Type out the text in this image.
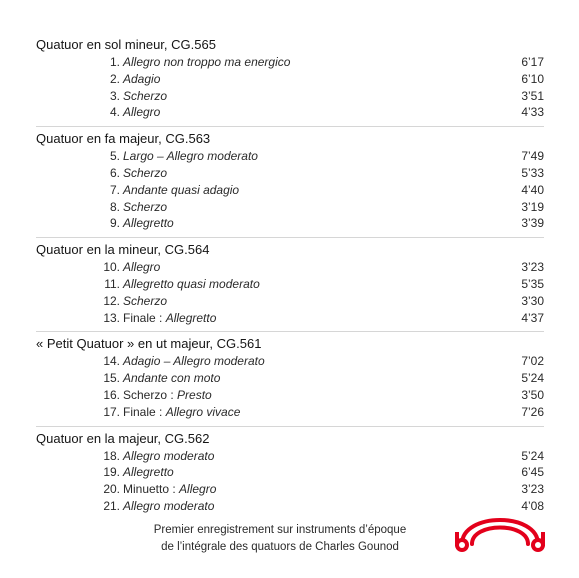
Quatuor en sol mineur, CG.565
1. Allegro non troppo ma energico	6’17
2. Adagio	6’10
3. Scherzo	3’51
4. Allegro	4’33
Quatuor en fa majeur, CG.563
5. Largo – Allegro moderato	7’49
6. Scherzo	5’33
7. Andante quasi adagio	4’40
8. Scherzo	3’19
9. Allegretto	3’39
Quatuor en la mineur, CG.564
10. Allegro	3’23
11. Allegretto quasi moderato	5’35
12. Scherzo	3’30
13. Finale : Allegretto	4’37
« Petit Quatuor » en ut majeur, CG.561
14. Adagio – Allegro moderato	7’02
15. Andante con moto	5’24
16. Scherzo : Presto	3’50
17. Finale : Allegro vivace	7’26
Quatuor en la majeur, CG.562
18. Allegro moderato	5’24
19. Allegretto	6’45
20. Minuetto : Allegro	3’23
21. Allegro moderato	4’08
Premier enregistrement sur instruments d’époque
de l’intégrale des quatuors de Charles Gounod
